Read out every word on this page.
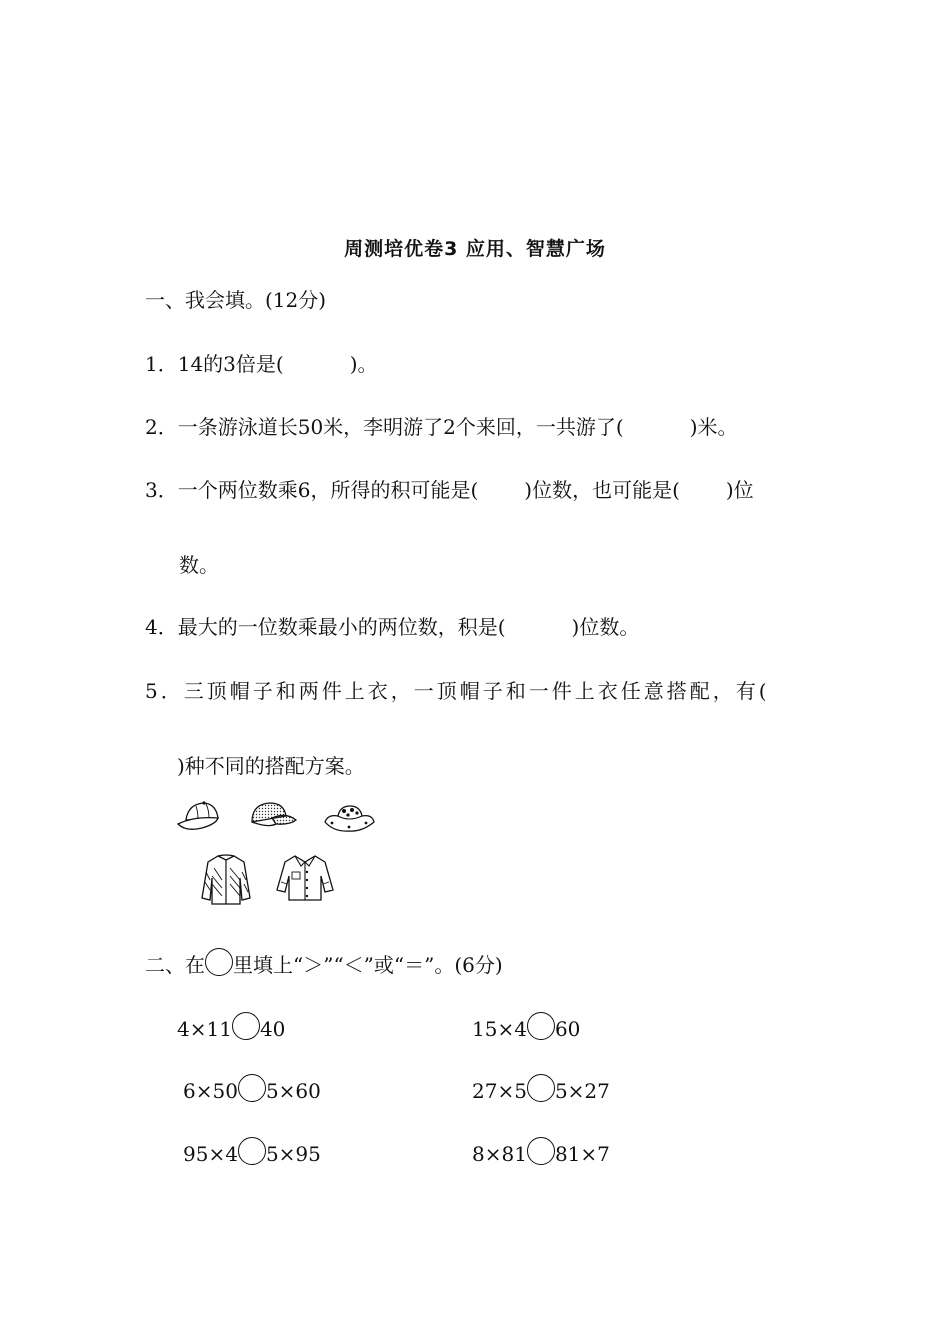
周测培优卷3 应用、智慧广场
一、我会填。(12分)
1．14的3倍是(	)。
2．一条游泳道长50米，李明游了2个来回，一共游了(	)米。
3．一个两位数乘6，所得的积可能是( )位数，也可能是( )位
数。
4．最大的一位数乘最小的两位数，积是(	)位数。
5．三顶帽子和两件上衣，一顶帽子和一件上衣任意搭配，有(
)种不同的搭配方案。
二、在 里填上“＞”“＜”或“＝”。(6分)
4×11 40	15×4 60
6×50 5×60	27×5 5×27
95×4 5×95	8×81 81×7
